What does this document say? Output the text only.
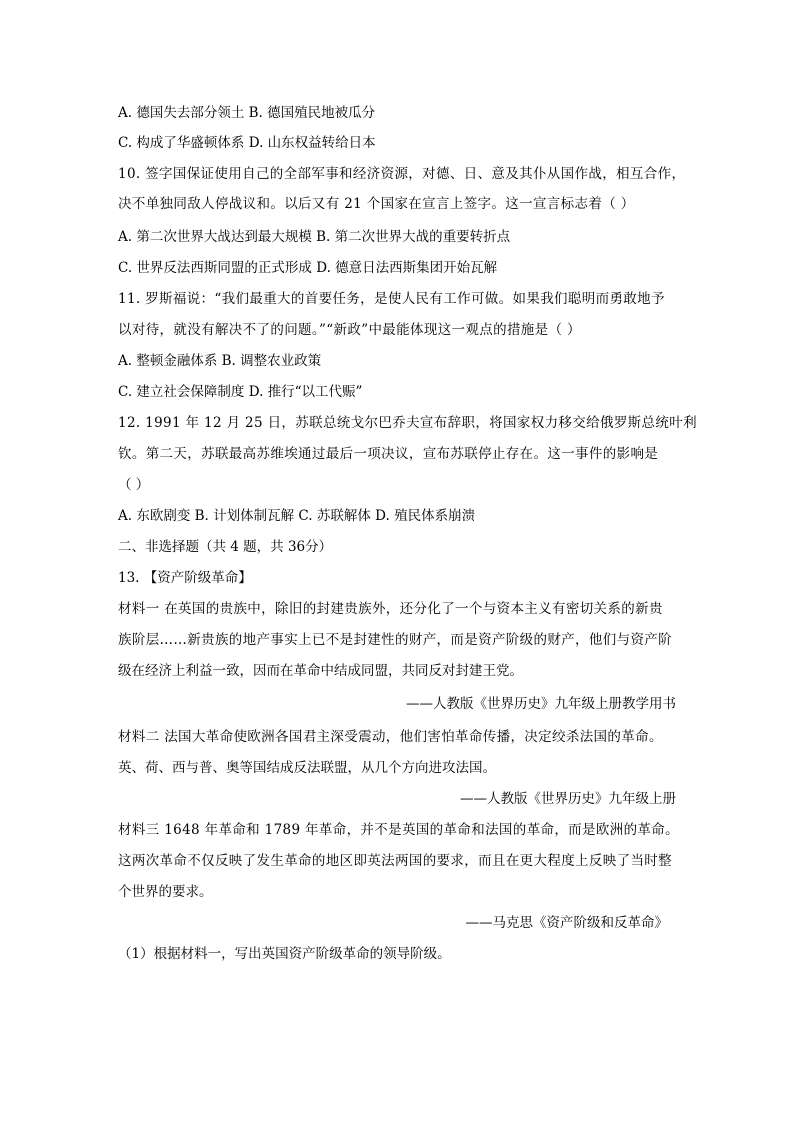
A. 德国失去部分领土 B. 德国殖民地被瓜分
C. 构成了华盛顿体系 D. 山东权益转给日本
10. 签字国保证使用自己的全部军事和经济资源，对德、日、意及其仆从国作战，相互合作，
决不单独同敌人停战议和。以后又有 21 个国家在宣言上签字。这一宣言标志着（ ）
A. 第二次世界大战达到最大规模 B. 第二次世界大战的重要转折点
C. 世界反法西斯同盟的正式形成 D. 德意日法西斯集团开始瓦解
11. 罗斯福说：“我们最重大的首要任务，是使人民有工作可做。如果我们聪明而勇敢地予
以对待，就没有解决不了的问题。”“新政”中最能体现这一观点的措施是（ ）
A. 整顿金融体系 B. 调整农业政策
C. 建立社会保障制度 D. 推行“以工代赈”
12. 1991 年 12 月 25 日，苏联总统戈尔巴乔夫宣布辞职，将国家权力移交给俄罗斯总统叶利
钦。第二天，苏联最高苏维埃通过最后一项决议，宣布苏联停止存在。这一事件的影响是
（ ）
A. 东欧剧变 B. 计划体制瓦解 C. 苏联解体 D. 殖民体系崩溃
二、非选择题（共 4 题，共 36分）
13. 【资产阶级革命】
材料一 在英国的贵族中，除旧的封建贵族外，还分化了一个与资本主义有密切关系的新贵
族阶层……新贵族的地产事实上已不是封建性的财产，而是资产阶级的财产，他们与资产阶
级在经济上利益一致，因而在革命中结成同盟，共同反对封建王党。
——人教版《世界历史》九年级上册教学用书
材料二 法国大革命使欧洲各国君主深受震动，他们害怕革命传播，决定绞杀法国的革命。
英、荷、西与普、奥等国结成反法联盟，从几个方向进攻法国。
——人教版《世界历史》九年级上册
材料三 1648 年革命和 1789 年革命，并不是英国的革命和法国的革命，而是欧洲的革命。
这两次革命不仅反映了发生革命的地区即英法两国的要求，而且在更大程度上反映了当时整
个世界的要求。
——马克思《资产阶级和反革命》
（1）根据材料一，写出英国资产阶级革命的领导阶级。
